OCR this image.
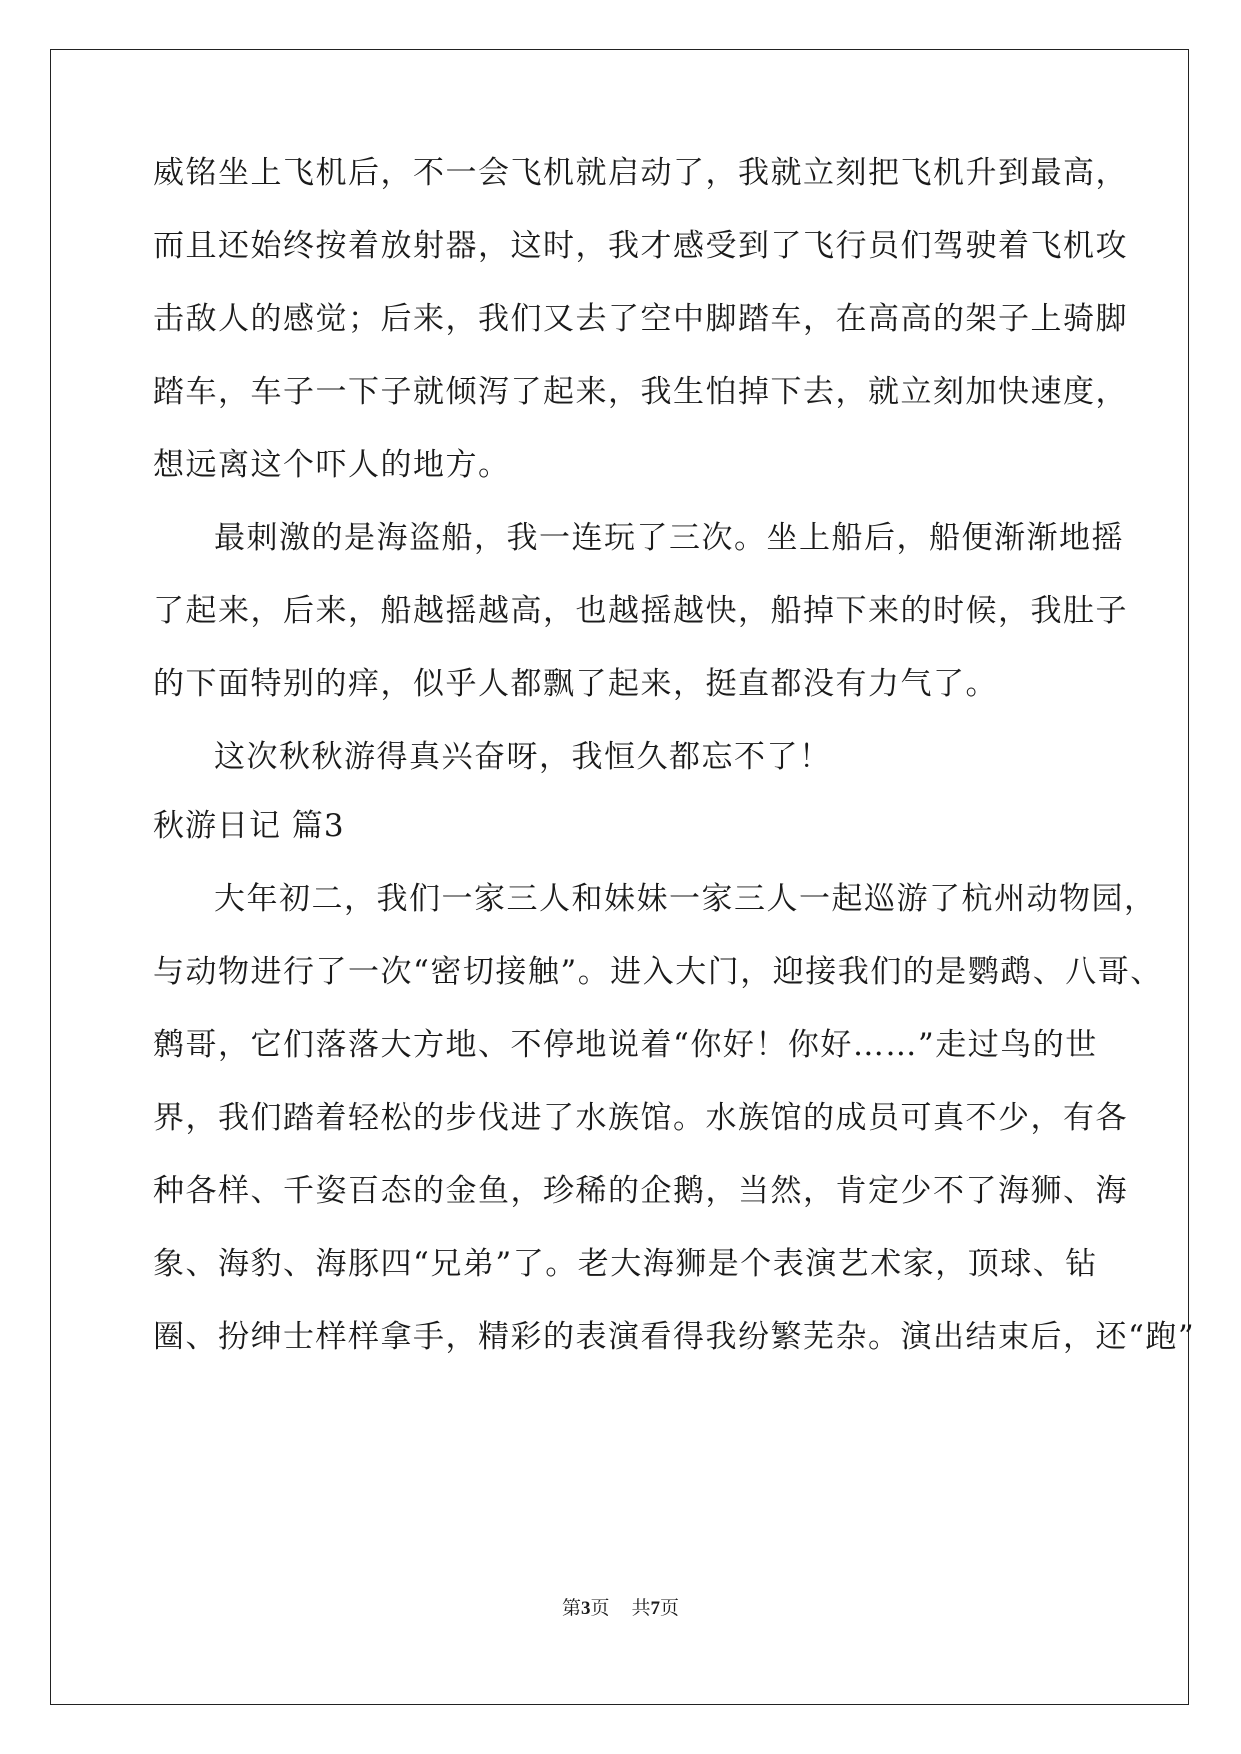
威铭坐上飞机后，不一会飞机就启动了，我就立刻把飞机升到最高，
而且还始终按着放射器，这时，我才感受到了飞行员们驾驶着飞机攻
击敌人的感觉；后来，我们又去了空中脚踏车，在高高的架子上骑脚
踏车，车子一下子就倾泻了起来，我生怕掉下去，就立刻加快速度，
想远离这个吓人的地方。
最刺激的是海盗船，我一连玩了三次。坐上船后，船便渐渐地摇
了起来，后来，船越摇越高，也越摇越快，船掉下来的时候，我肚子
的下面特别的痒，似乎人都飘了起来，挺直都没有力气了。
这次秋秋游得真兴奋呀，我恒久都忘不了！
秋游日记 篇3
大年初二，我们一家三人和妹妹一家三人一起巡游了杭州动物园，
与动物进行了一次“密切接触”。进入大门，迎接我们的是鹦鹉、八哥、
鹩哥，它们落落大方地、不停地说着“你好！你好……”走过鸟的世
界，我们踏着轻松的步伐进了水族馆。水族馆的成员可真不少，有各
种各样、千姿百态的金鱼，珍稀的企鹅，当然，肯定少不了海狮、海
象、海豹、海豚四“兄弟”了。老大海狮是个表演艺术家，顶球、钻
圈、扮绅士样样拿手，精彩的表演看得我纷繁芜杂。演出结束后，还“跑”
第3页 共7页
